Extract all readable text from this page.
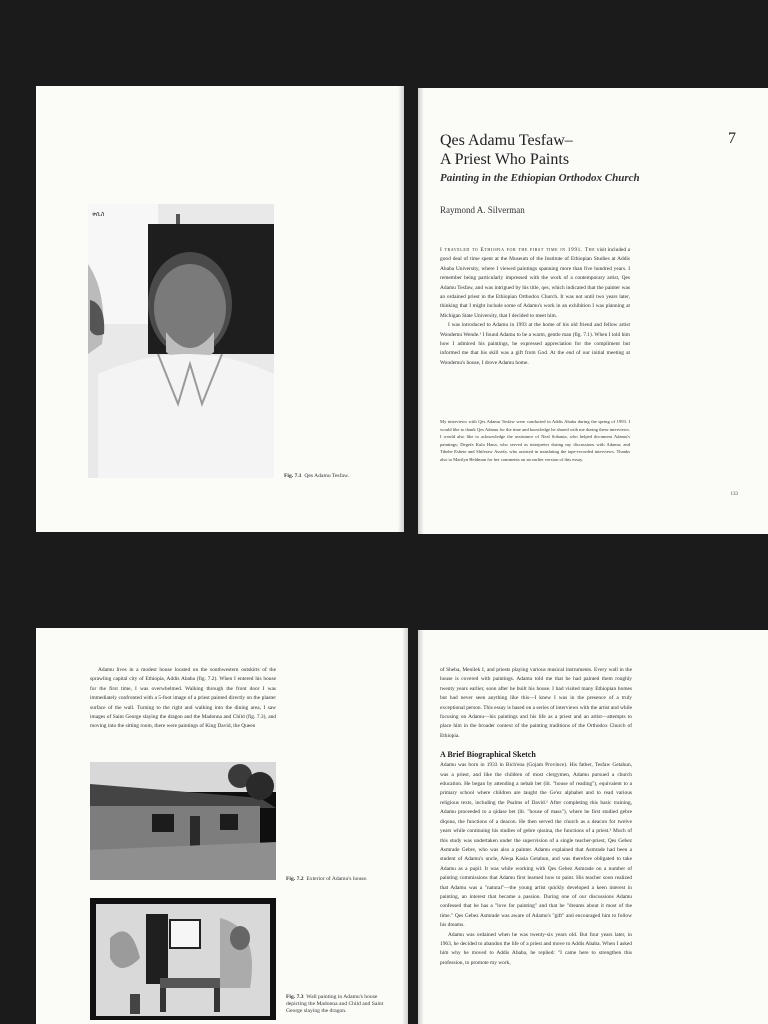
ቀሲስ
Fig. 7.1 Qes Adamu Tesfaw.
Qes Adamu Tesfaw–
A Priest Who Paints
7
Painting in the Ethiopian Orthodox Church
Raymond A. Silverman

I traveled to Ethiopia for the first time in 1991. The visit included a good deal of time spent at the Museum of the Institute of Ethiopian Studies at Addis Ababa University, where I viewed paintings spanning more than five hundred years. I remember being particularly impressed with the work of a contemporary artist, Qes Adamu Tesfaw, and was intrigued by his title, qes, which indicated that the painter was an ordained priest in the Ethiopian Orthodox Church. It was not until two years later, thinking that I might include some of Adamu's work in an exhibition I was planning at Michigan State University, that I decided to meet him.

I was introduced to Adamu in 1993 at the home of his old friend and fellow artist Wondemu Wende.¹ I found Adamu to be a warm, gentle man (fig. 7.1). When I told him how I admired his paintings, he expressed appreciation for the compliment but informed me that his skill was a gift from God. At the end of our initial meeting at Wondemu's house, I drove Adamu home.

My interviews with Qes Adamu Tesfaw were conducted in Addis Ababa during the spring of 1993. I would like to thank Qes Adamu for the time and knowledge he shared with me during these interviews. I would also like to acknowledge the assistance of Neal Sobania, who helped document Adamu's paintings; Degefa Kulu Hana, who served as interpreter during my discussions with Adamu; and Tibebe Eshete and Shiferaw Assefa, who assisted in translating the tape-recorded interviews. Thanks also to Marilyn Heldman for her comments on an earlier version of this essay.
133

Adamu lives in a modest house located on the southwestern outskirts of the sprawling capital city of Ethiopia, Addis Ababa (fig. 7.2). When I entered his house for the first time, I was overwhelmed. Walking through the front door I was immediately confronted with a 5-foot image of a priest painted directly on the plaster surface of the wall. Turning to the right and walking into the dining area, I saw images of Saint George slaying the dragon and the Madonna and Child (fig. 7.3), and moving into the sitting room, there were paintings of King David, the Queen

Fig. 7.2 Exterior of Adamu's house.
Fig. 7.3 Wall painting in Adamu's house depicting the Madonna and Child and Saint George slaying the dragon.

of Sheba, Menilek I, and priests playing various musical instruments. Every wall in the house is covered with paintings. Adamu told me that he had painted them roughly twenty years earlier, soon after he built his house. I had visited many Ethiopian homes but had never seen anything like this—I knew I was in the presence of a truly exceptional person. This essay is based on a series of interviews with the artist and while focusing on Adamu—his paintings and his life as a priest and an artist—attempts to place him in the broader context of the painting traditions of the Orthodox Church of Ethiopia.

A Brief Biographical Sketch

Adamu was born in 1933 in Bich'ena (Gojam Province). His father, Tesfaw Getahun, was a priest, and like the children of most clergymen, Adamu pursued a church education. He began by attending a nebab bet (lit. "house of reading"), equivalent to a primary school where children are taught the Ge'ez alphabet and to read various religious texts, including the Psalms of David.² After completing this basic training, Adamu proceeded to a qidase bet (lit. "house of mass"), where he first studied gebre diqona, the functions of a deacon. He then served the church as a deacon for twelve years while continuing his studies of gebre qissina, the functions of a priest.³ Much of this study was undertaken under the supervision of a single teacher-priest, Qes Gebez Asmrade Gebre, who was also a painter. Adamu explained that Asmrade had been a student of Adamu's uncle, Aleqa Kasia Getahun, and was therefore obligated to take Adamu as a pupil. It was while working with Qes Gebez Asmrade on a number of painting commissions that Adamu first learned how to paint. His teacher soon realized that Adamu was a "natural"—the young artist quickly developed a keen interest in painting, an interest that became a passion. During one of our discussions Adamu confessed that he has a "love for painting" and that he "dreams about it most of the time." Qes Gebez Asmrade was aware of Adamu's "gift" and encouraged him to follow his dreams.

Adamu was ordained when he was twenty-six years old. But four years later, in 1963, he decided to abandon the life of a priest and move to Addis Ababa. When I asked him why he moved to Addis Ababa, he replied: "I came here to strengthen this profession, to promote my work,
